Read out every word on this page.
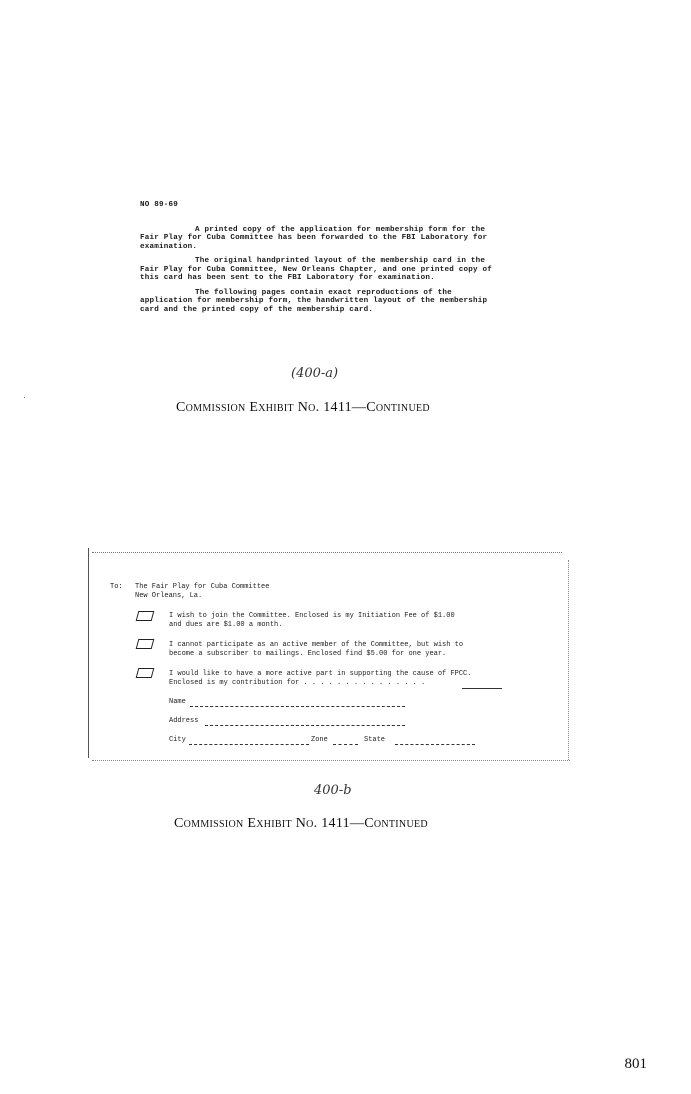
NO 89-69

A printed copy of the application for membership form for the Fair Play for Cuba Committee has been forwarded to the FBI Laboratory for examination.

The original handprinted layout of the membership card in the Fair Play for Cuba Committee, New Orleans Chapter, and one printed copy of this card has been sent to the FBI Laboratory for examination.

The following pages contain exact reproductions of the application for membership form, the handwritten layout of the membership card and the printed copy of the membership card.

(400-a)
Commission Exhibit No. 1411—Continued
To: The Fair Play for Cuba Committee
New Orleans, La.
I wish to join the Committee. Enclosed is my Initiation Fee of $1.00
and dues are $1.00 a month.
I cannot participate as an active member of the Committee, but wish to
become a subscriber to mailings. Enclosed find $5.00 for one year.
I would like to have a more active part in supporting the cause of FPCC.
Enclosed is my contribution for . . . . . . . . . . . . . . .
Name
Address
City	Zone	State
400-b
Commission Exhibit No. 1411—Continued
801
